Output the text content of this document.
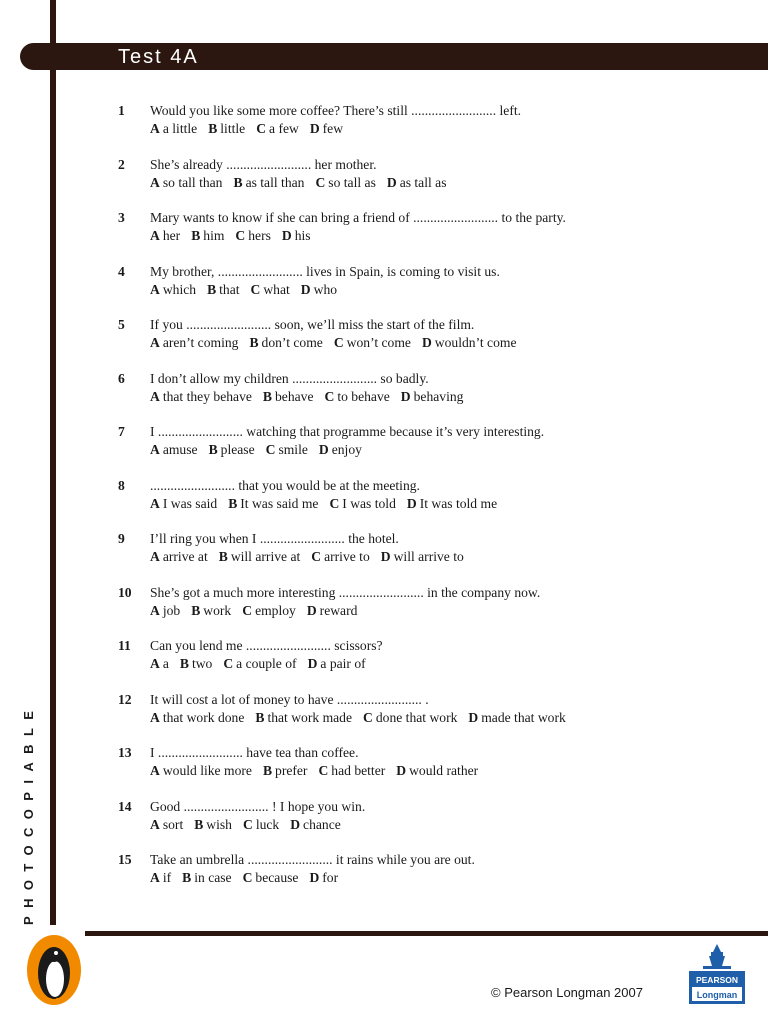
Test 4A
1	Would you like some more coffee? There’s still ......................... left.
A a little B little C a few D few
2	She’s already ......................... her mother.
A so tall than B as tall than C so tall as D as tall as
3	Mary wants to know if she can bring a friend of ......................... to the party.
A her B him C hers D his
4	My brother, ......................... lives in Spain, is coming to visit us.
A which B that C what D who
5	If you ......................... soon, we’ll miss the start of the film.
A aren’t coming B don’t come C won’t come D wouldn’t come
6	I don’t allow my children ......................... so badly.
A that they behave B behave C to behave D behaving
7	I ......................... watching that programme because it’s very interesting.
A amuse B please C smile D enjoy
8	......................... that you would be at the meeting.
A I was said B It was said me C I was told D It was told me
9	I’ll ring you when I ......................... the hotel.
A arrive at B will arrive at C arrive to D will arrive to
10	She’s got a much more interesting ......................... in the company now.
A job B work C employ D reward
11	Can you lend me ......................... scissors?
A a B two C a couple of D a pair of
12	It will cost a lot of money to have ......................... .
A that work done B that work made C done that work D made that work
13	I ......................... have tea than coffee.
A would like more B prefer C had better D would rather
14	Good ......................... ! I hope you win.
A sort B wish C luck D chance
15	Take an umbrella ......................... it rains while you are out.
A if B in case C because D for
PHOTOCOPIABLE
© Pearson Longman 2007
PEARSON
Longman
